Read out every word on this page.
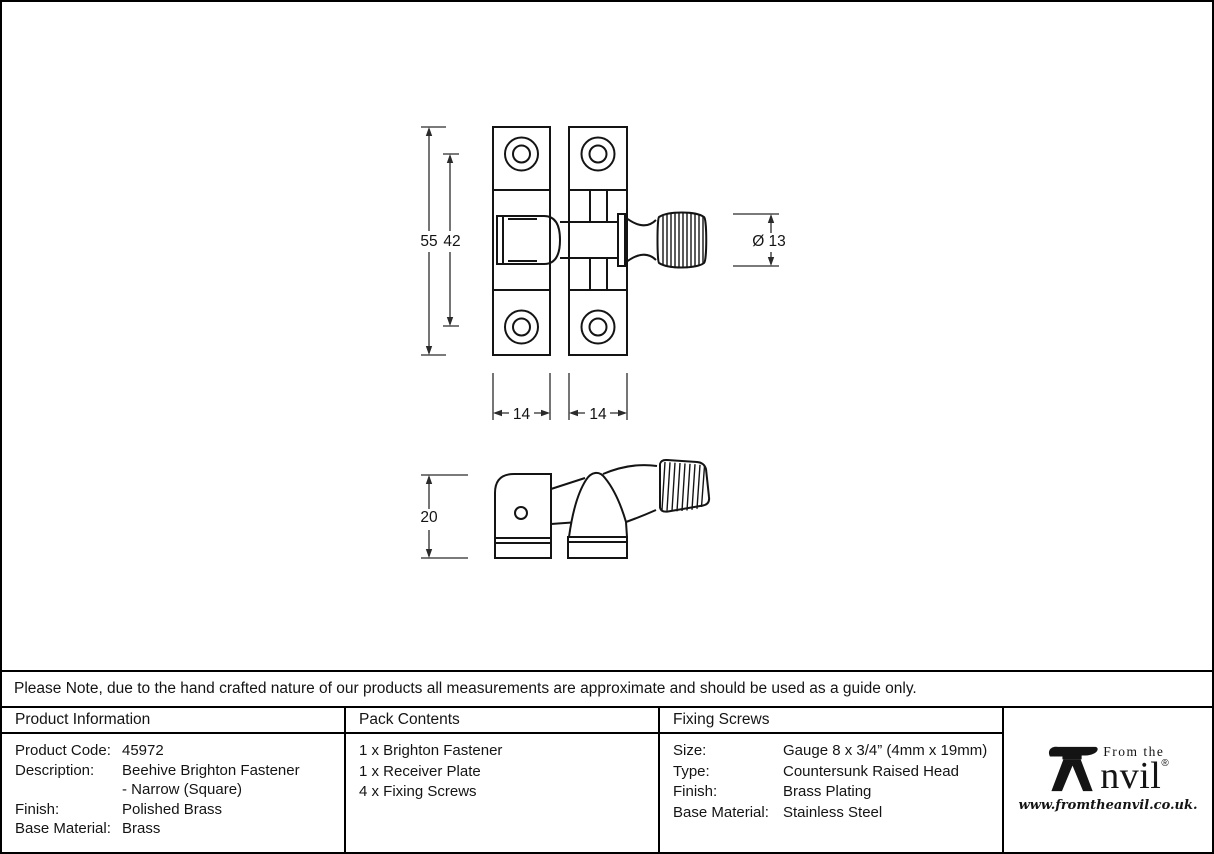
55 42	Ø 13
14	14
20
Please Note, due to the hand crafted nature of our products all measurements are approximate and should be used as a guide only.
Product Information
Product Code: 45972
Description:	Beehive Brighton Fastener
- Narrow (Square)
Finish:	Polished Brass
Base Material: Brass
Pack Contents
1 x Brighton Fastener
1 x Receiver Plate
4 x Fixing Screws
Fixing Screws
Size:	Gauge 8 x 3/4” (4mm x 19mm)
Type:	Countersunk Raised Head
Finish:	Brass Plating
Base Material: Stainless Steel
From the
nvil ®
www.fromtheanvil.co.uk.
